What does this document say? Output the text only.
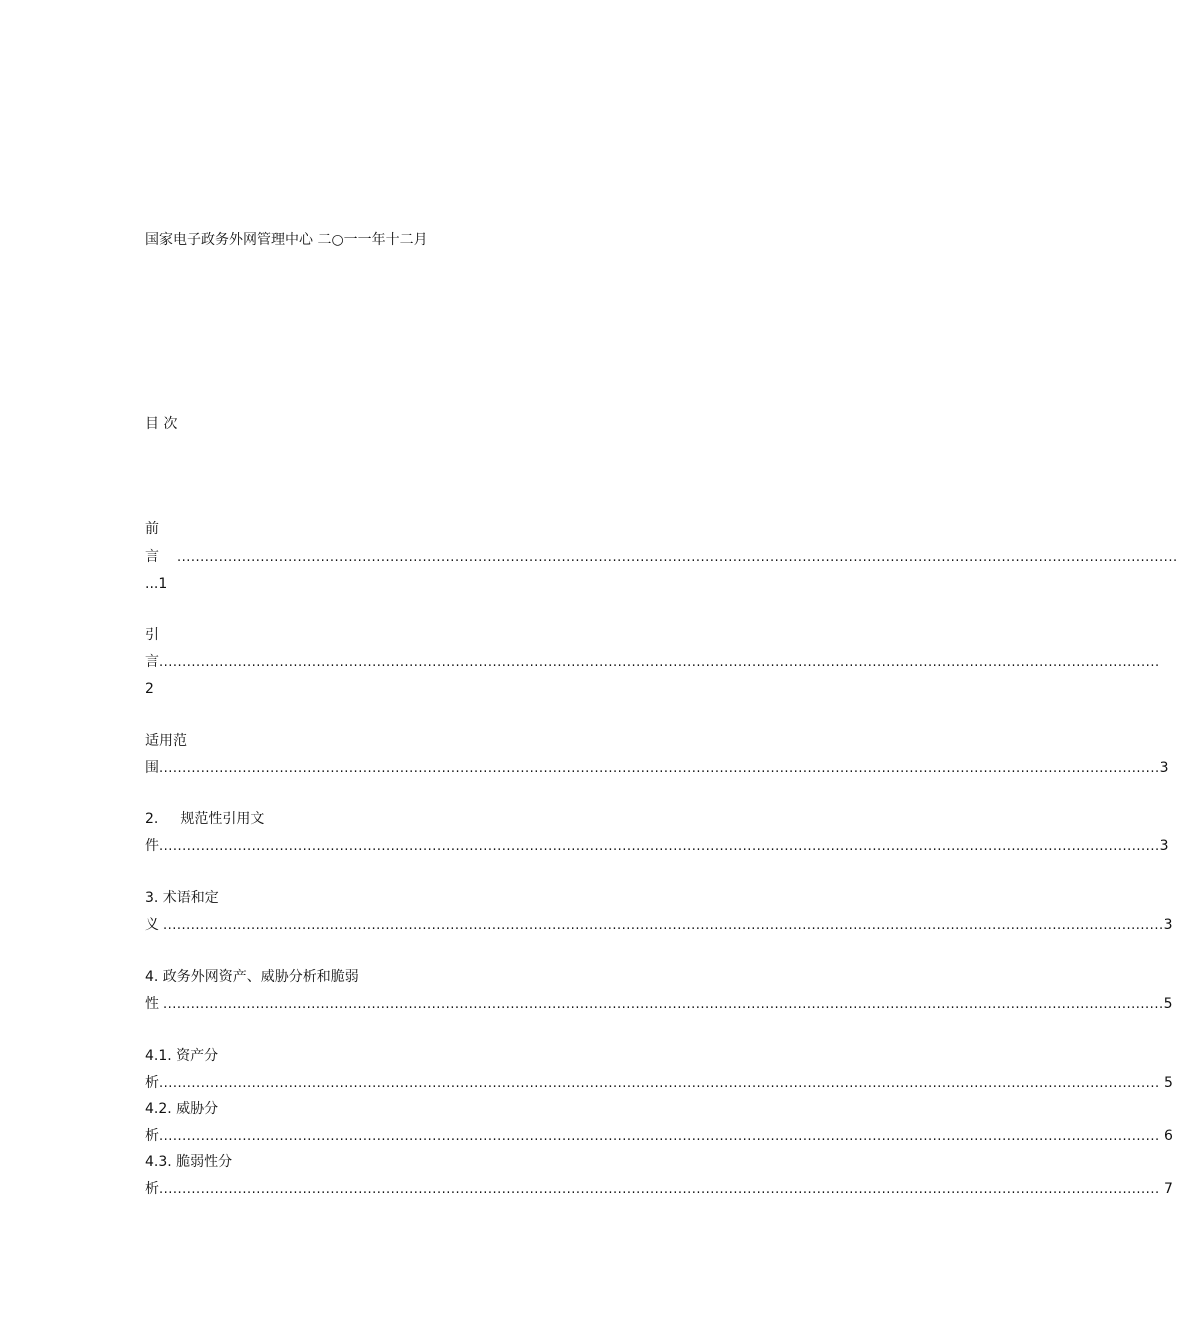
国家电子政务外网管理中心 二○一一年十二月
目 次
前
言 ........................................................................................................................................................................................................................
...1
引
言 ........................................................................................................................................................................................................................
2
适用范
围 ........................................................................................................................................................................................................................ 3
2. 规范性引用文
件 ........................................................................................................................................................................................................................ 3
3. 术语和定
义 ........................................................................................................................................................................................................................ 3
4. 政务外网资产、威胁分析和脆弱
性 ........................................................................................................................................................................................................................ 5
4.1. 资产分
析 ........................................................................................................................................................................................................................ 5
4.2. 威胁分
析 ........................................................................................................................................................................................................................ 6
4.3. 脆弱性分
析 ........................................................................................................................................................................................................................ 7
